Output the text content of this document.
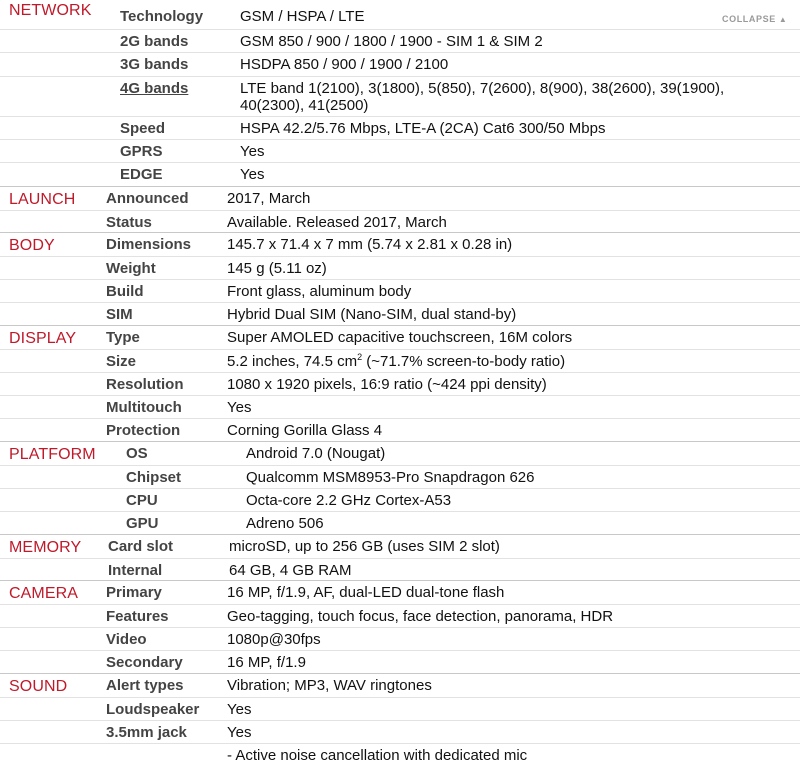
NETWORK	COLLAPSE ▲
Technology GSM / HSPA / LTE
2G bands	GSM 850 / 900 / 1800 / 1900 - SIM 1 & SIM 2
3G bands	HSDPA 850 / 900 / 1900 / 2100
4G bands	LTE band 1(2100), 3(1800), 5(850), 7(2600), 8(900), 38(2600), 39(1900),
40(2300), 41(2500)
Speed	HSPA 42.2/5.76 Mbps, LTE-A (2CA) Cat6 300/50 Mbps
GPRS	Yes
EDGE	Yes
LAUNCH Announced	2017, March
Status	Available. Released 2017, March
BODY	Dimensions 145.7 x 71.4 x 7 mm (5.74 x 2.81 x 0.28 in)
Weight	145 g (5.11 oz)
Build	Front glass, aluminum body
SIM	Hybrid Dual SIM (Nano-SIM, dual stand-by)
DISPLAY Type	Super AMOLED capacitive touchscreen, 16M colors
Size	5.2 inches, 74.5 $cm^2$ (~71.7% screen-to-body ratio)
Resolution	1080 x 1920 pixels, 16:9 ratio (~424 ppi density)
Multitouch	Yes
Protection	Corning Gorilla Glass 4
PLATFORM OS	Android 7.0 (Nougat)
Chipset	Qualcomm MSM8953-Pro Snapdragon 626
CPU	Octa-core 2.2 GHz Cortex-A53
GPU	Adreno 506
MEMORY Card slot	microSD, up to 256 GB (uses SIM 2 slot)
Internal	64 GB, 4 GB RAM
CAMERA Primary	16 MP, f/1.9, AF, dual-LED dual-tone flash
Features	Geo-tagging, touch focus, face detection, panorama, HDR
Video	1080p@30fps
Secondary	16 MP, f/1.9
SOUND	Alert types	Vibration; MP3, WAV ringtones
Loudspeaker Yes
3.5mm jack	Yes
- Active noise cancellation with dedicated mic
